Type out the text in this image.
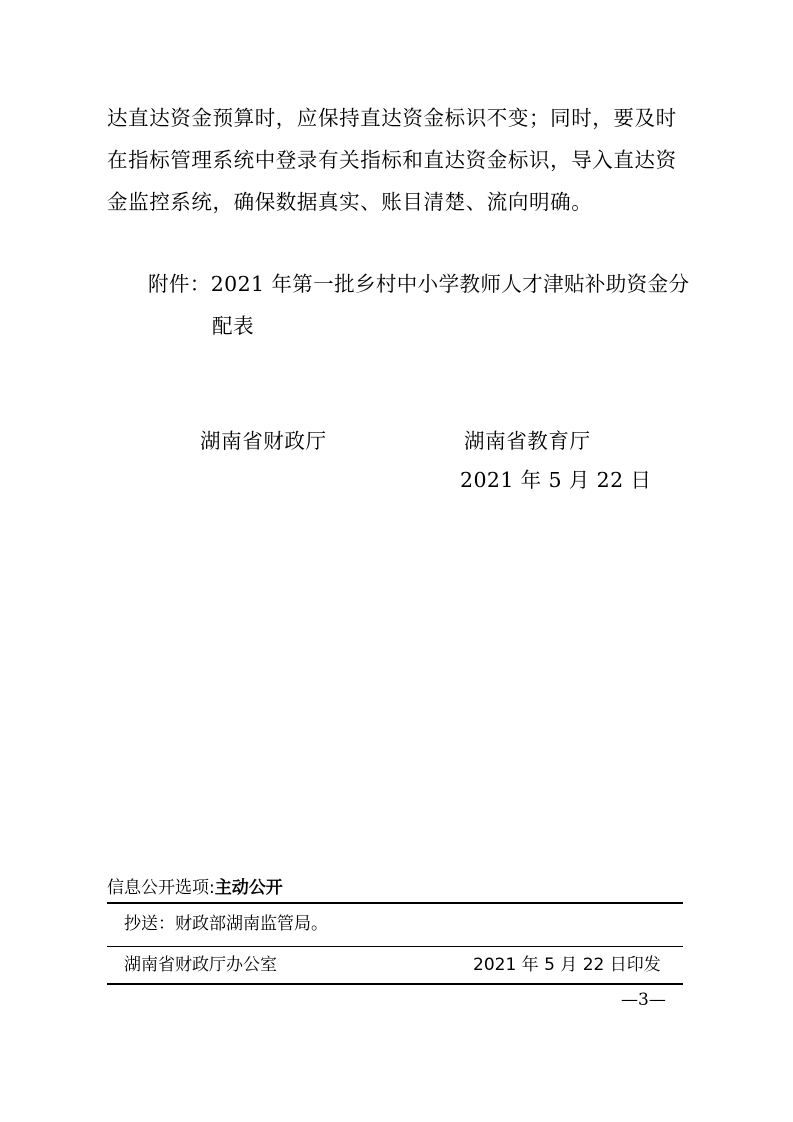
达直达资金预算时，应保持直达资金标识不变；同时，要及时
在指标管理系统中登录有关指标和直达资金标识，导入直达资
金监控系统，确保数据真实、账目清楚、流向明确。
附件：2021 年第一批乡村中小学教师人才津贴补助资金分
配表
湖南省财政厅	湖南省教育厅
2021 年 5 月 22 日
信息公开选项:主动公开
抄送：财政部湖南监管局。
湖南省财政厅办公室	2021 年 5 月 22 日印发
—3—
